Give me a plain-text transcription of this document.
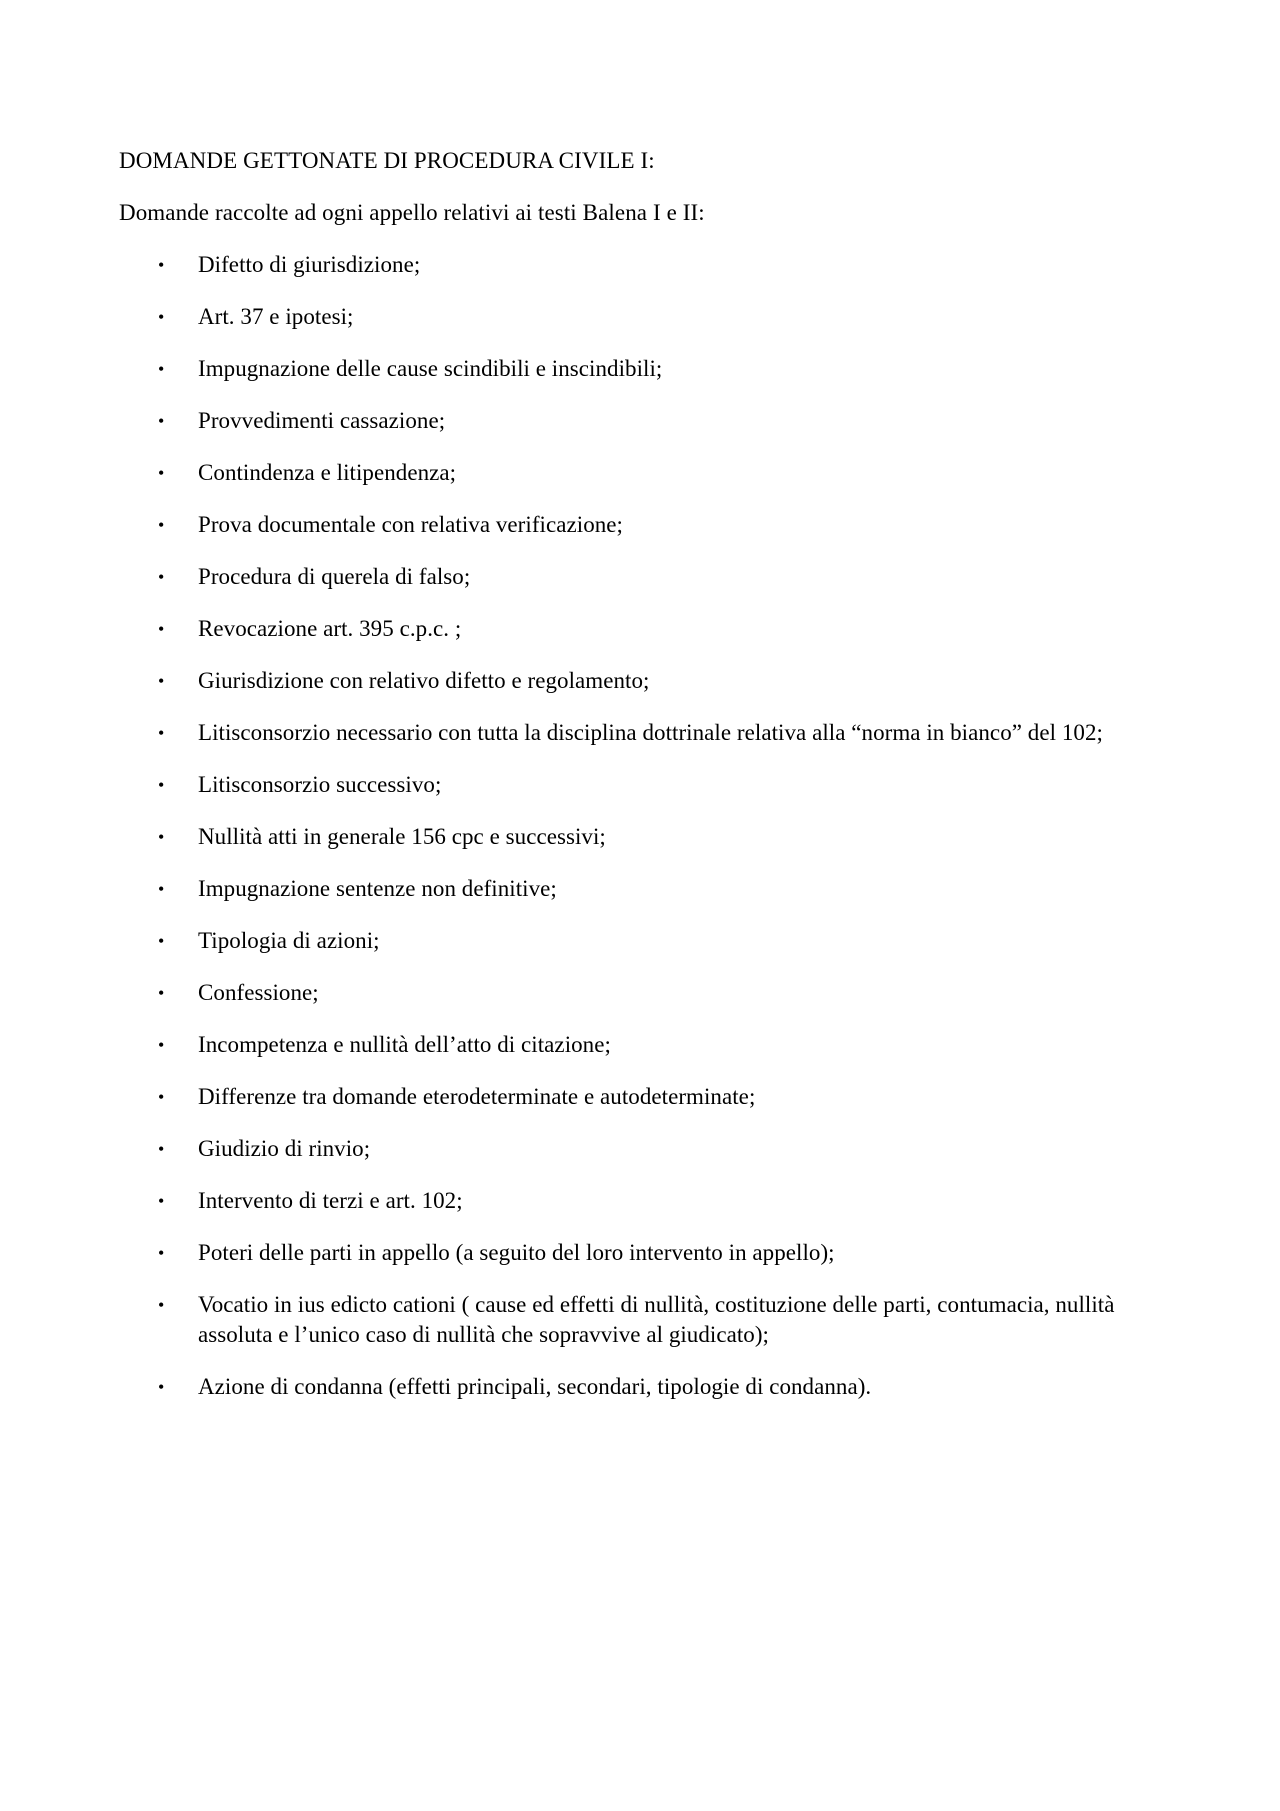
DOMANDE GETTONATE DI PROCEDURA CIVILE I:

Domande raccolte ad ogni appello relativi ai testi Balena I e II:

• Difetto di giurisdizione;
• Art. 37 e ipotesi;
• Impugnazione delle cause scindibili e inscindibili;
• Provvedimenti cassazione;
• Contindenza e litipendenza;
• Prova documentale con relativa verificazione;
• Procedura di querela di falso;
• Revocazione art. 395 c.p.c. ;
• Giurisdizione con relativo difetto e regolamento;
• Litisconsorzio necessario con tutta la disciplina dottrinale relativa alla “norma in bianco” del 102;
• Litisconsorzio successivo;
• Nullità atti in generale 156 cpc e successivi;
• Impugnazione sentenze non definitive;
• Tipologia di azioni;
• Confessione;
• Incompetenza e nullità dell’atto di citazione;
• Differenze tra domande eterodeterminate e autodeterminate;
• Giudizio di rinvio;
• Intervento di terzi e art. 102;
• Poteri delle parti in appello (a seguito del loro intervento in appello);
• Vocatio in ius edicto cationi ( cause ed effetti di nullità, costituzione delle parti, contumacia, nullità assoluta e l’unico caso di nullità che sopravvive al giudicato);
• Azione di condanna (effetti principali, secondari, tipologie di condanna).
